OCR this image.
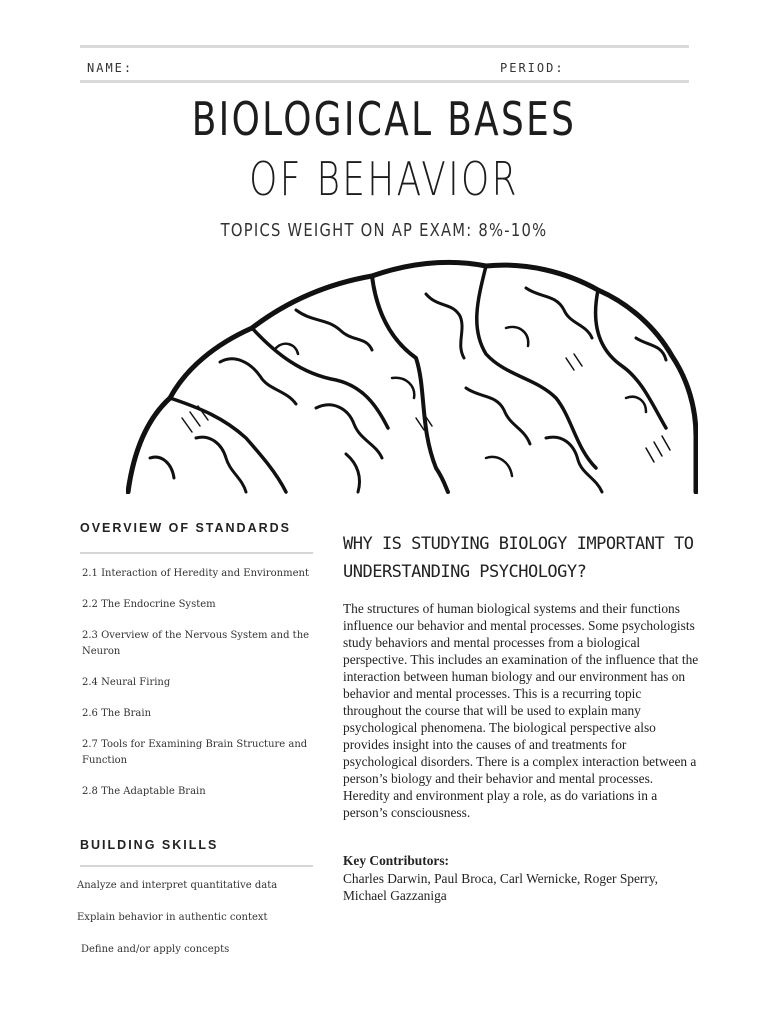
NAME:	PERIOD:
BIOLOGICAL BASES
OF BEHAVIOR
TOPICS WEIGHT ON AP EXAM: 8%-10%
OVERVIEW OF STANDARDS
2.1 Interaction of Heredity and Environment
2.2 The Endocrine System
2.3 Overview of the Nervous System and the Neuron
2.4 Neural Firing
2.6 The Brain
2.7 Tools for Examining Brain Structure and Function
2.8 The Adaptable Brain
BUILDING SKILLS
Analyze and interpret quantitative data
Explain behavior in authentic context
Define and/or apply concepts
WHY IS STUDYING BIOLOGY IMPORTANT TO UNDERSTANDING PSYCHOLOGY?
The structures of human biological systems and their functions influence our behavior and mental processes. Some psychologists study behaviors and mental processes from a biological perspective. This includes an examination of the influence that the interaction between human biology and our environment has on behavior and mental processes. This is a recurring topic throughout the course that will be used to explain many psychological phenomena. The biological perspective also provides insight into the causes of and treatments for psychological disorders. There is a complex interaction between a person’s biology and their behavior and mental processes. Heredity and environment play a role, as do variations in a person’s consciousness.
Key Contributors:
Charles Darwin, Paul Broca, Carl Wernicke, Roger Sperry, Michael Gazzaniga
